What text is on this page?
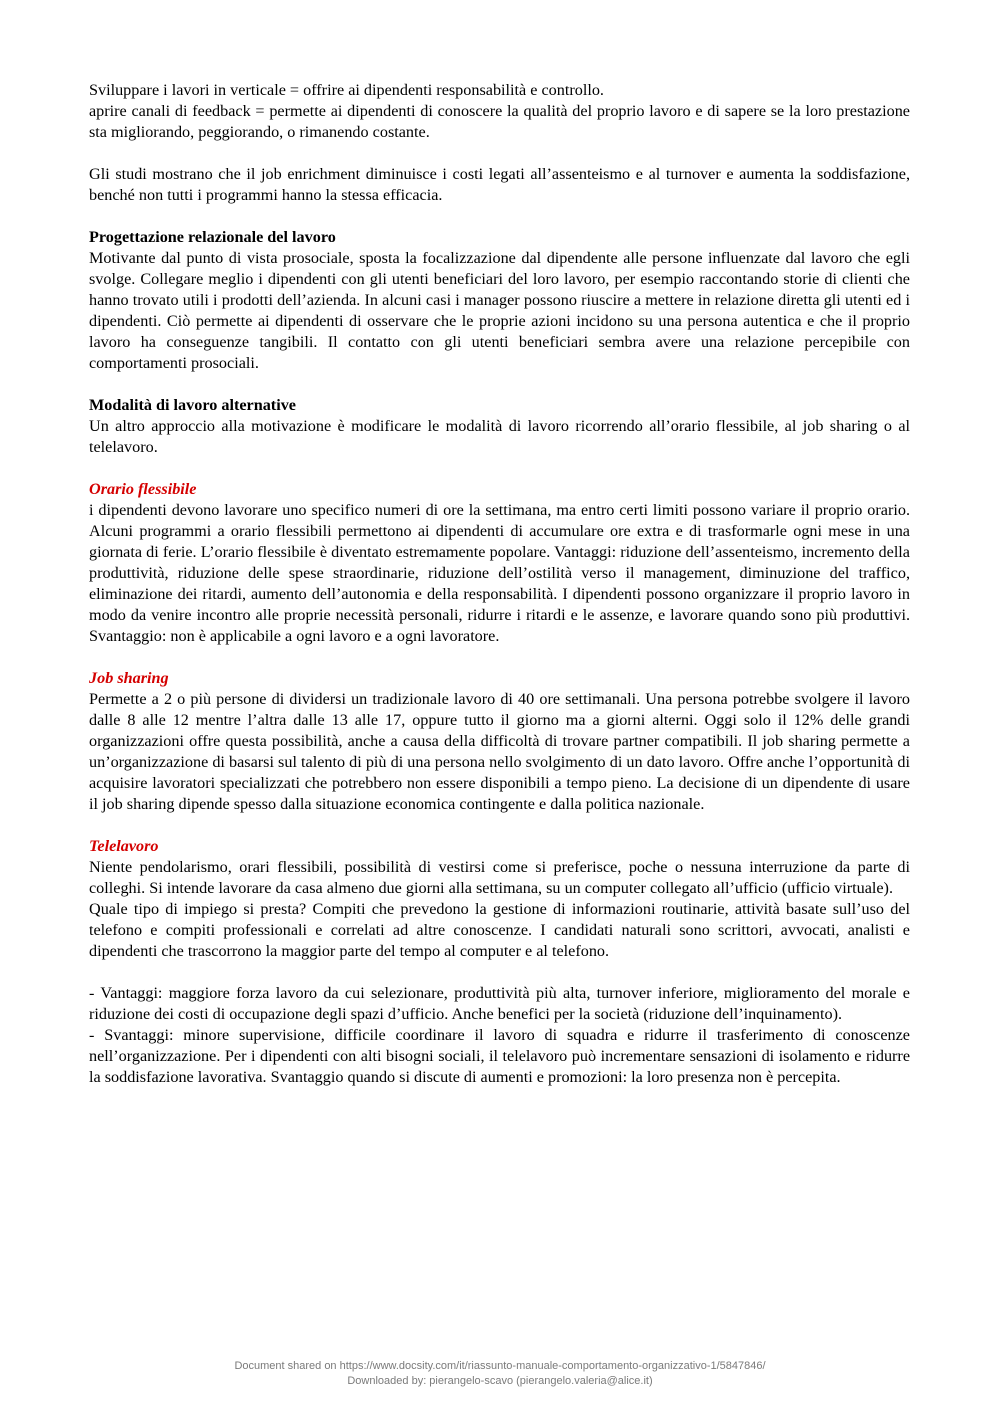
Sviluppare i lavori in verticale = offrire ai dipendenti responsabilità e controllo.

aprire canali di feedback = permette ai dipendenti di conoscere la qualità del proprio lavoro e di sapere se la loro prestazione sta migliorando, peggiorando, o rimanendo costante.

Gli studi mostrano che il job enrichment diminuisce i costi legati all’assenteismo e al turnover e aumenta la soddisfazione, benché non tutti i programmi hanno la stessa efficacia.

Progettazione relazionale del lavoro

Motivante dal punto di vista prosociale, sposta la focalizzazione dal dipendente alle persone influenzate dal lavoro che egli svolge. Collegare meglio i dipendenti con gli utenti beneficiari del loro lavoro, per esempio raccontando storie di clienti che hanno trovato utili i prodotti dell’azienda. In alcuni casi i manager possono riuscire a mettere in relazione diretta gli utenti ed i dipendenti. Ciò permette ai dipendenti di osservare che le proprie azioni incidono su una persona autentica e che il proprio lavoro ha conseguenze tangibili. Il contatto con gli utenti beneficiari sembra avere una relazione percepibile con comportamenti prosociali.

Modalità di lavoro alternative

Un altro approccio alla motivazione è modificare le modalità di lavoro ricorrendo all’orario flessibile, al job sharing o al telelavoro.

Orario flessibile

i dipendenti devono lavorare uno specifico numeri di ore la settimana, ma entro certi limiti possono variare il proprio orario. Alcuni programmi a orario flessibili permettono ai dipendenti di accumulare ore extra e di trasformarle ogni mese in una giornata di ferie. L’orario flessibile è diventato estremamente popolare. Vantaggi: riduzione dell’assenteismo, incremento della produttività, riduzione delle spese straordinarie, riduzione dell’ostilità verso il management, diminuzione del traffico, eliminazione dei ritardi, aumento dell’autonomia e della responsabilità. I dipendenti possono organizzare il proprio lavoro in modo da venire incontro alle proprie necessità personali, ridurre i ritardi e le assenze, e lavorare quando sono più produttivi. Svantaggio: non è applicabile a ogni lavoro e a ogni lavoratore.

Job sharing

Permette a 2 o più persone di dividersi un tradizionale lavoro di 40 ore settimanali. Una persona potrebbe svolgere il lavoro dalle 8 alle 12 mentre l’altra dalle 13 alle 17, oppure tutto il giorno ma a giorni alterni. Oggi solo il 12% delle grandi organizzazioni offre questa possibilità, anche a causa della difficoltà di trovare partner compatibili. Il job sharing permette a un’organizzazione di basarsi sul talento di più di una persona nello svolgimento di un dato lavoro. Offre anche l’opportunità di acquisire lavoratori specializzati che potrebbero non essere disponibili a tempo pieno. La decisione di un dipendente di usare il job sharing dipende spesso dalla situazione economica contingente e dalla politica nazionale.

Telelavoro

Niente pendolarismo, orari flessibili, possibilità di vestirsi come si preferisce, poche o nessuna interruzione da parte di colleghi. Si intende lavorare da casa almeno due giorni alla settimana, su un computer collegato all’ufficio (ufficio virtuale).

Quale tipo di impiego si presta? Compiti che prevedono la gestione di informazioni routinarie, attività basate sull’uso del telefono e compiti professionali e correlati ad altre conoscenze. I candidati naturali sono scrittori, avvocati, analisti e dipendenti che trascorrono la maggior parte del tempo al computer e al telefono.

- Vantaggi: maggiore forza lavoro da cui selezionare, produttività più alta, turnover inferiore, miglioramento del morale e riduzione dei costi di occupazione degli spazi d’ufficio. Anche benefici per la società (riduzione dell’inquinamento).

- Svantaggi: minore supervisione, difficile coordinare il lavoro di squadra e ridurre il trasferimento di conoscenze nell’organizzazione. Per i dipendenti con alti bisogni sociali, il telelavoro può incrementare sensazioni di isolamento e ridurre la soddisfazione lavorativa. Svantaggio quando si discute di aumenti e promozioni: la loro presenza non è percepita.

Document shared on https://www.docsity.com/it/riassunto-manuale-comportamento-organizzativo-1/5847846/
Downloaded by: pierangelo-scavo (pierangelo.valeria@alice.it)
